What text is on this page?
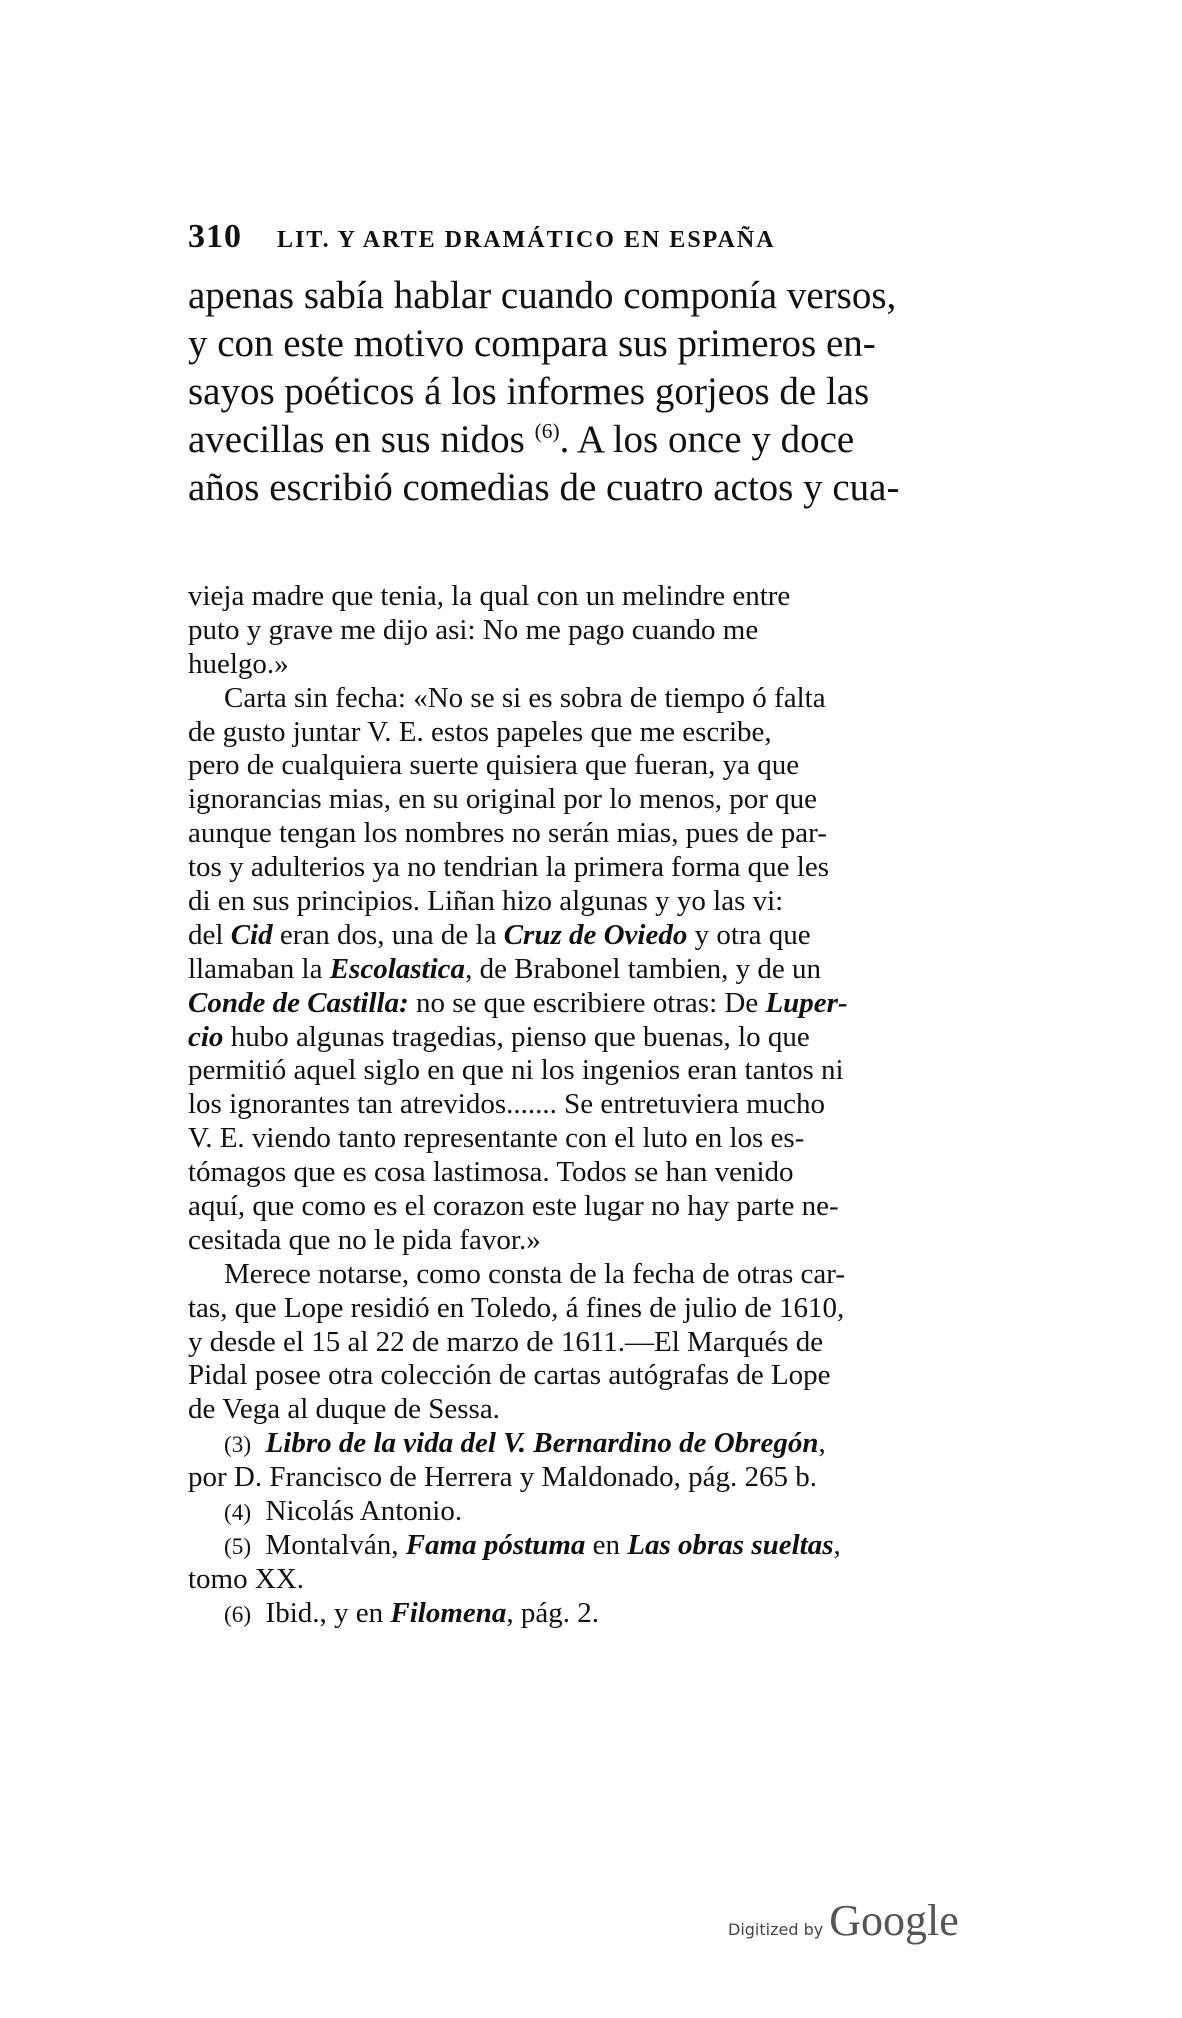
310 LIT. Y ARTE DRAMÁTICO EN ESPAÑA
apenas sabía hablar cuando componía versos,
y con este motivo compara sus primeros en-
sayos poéticos á los informes gorjeos de las
avecillas en sus nidos $^{(6)}$. A los once y doce
años escribió comedias de cuatro actos y cua-
vieja madre que tenia, la qual con un melindre entre
puto y grave me dijo asi: No me pago cuando me
huelgo.»
Carta sin fecha: «No se si es sobra de tiempo ó falta
de gusto juntar V. E. estos papeles que me escribe,
pero de cualquiera suerte quisiera que fueran, ya que
ignorancias mias, en su original por lo menos, por que
aunque tengan los nombres no serán mias, pues de par-
tos y adulterios ya no tendrian la primera forma que les
di en sus principios. Liñan hizo algunas y yo las vi:
del Cid eran dos, una de la Cruz de Oviedo y otra que
llamaban la Escolastica, de Brabonel tambien, y de un
Conde de Castilla: no se que escribiere otras: De Luper-
cio hubo algunas tragedias, pienso que buenas, lo que
permitió aquel siglo en que ni los ingenios eran tantos ni
los ignorantes tan atrevidos....... Se entretuviera mucho
V. E. viendo tanto representante con el luto en los es-
tómagos que es cosa lastimosa. Todos se han venido
aquí, que como es el corazon este lugar no hay parte ne-
cesitada que no le pida favor.»
Merece notarse, como consta de la fecha de otras car-
tas, que Lope residió en Toledo, á fines de julio de 1610,
y desde el 15 al 22 de marzo de 1611.—El Marqués de
Pidal posee otra colección de cartas autógrafas de Lope
de Vega al duque de Sessa.
(3) Libro de la vida del V. Bernardino de Obregón,
por D. Francisco de Herrera y Maldonado, pág. 265 b.
(4) Nicolás Antonio.
(5) Montalván, Fama póstuma en Las obras sueltas,
tomo XX.
(6) Ibid., y en Filomena, pág. 2.
Digitized by Google
